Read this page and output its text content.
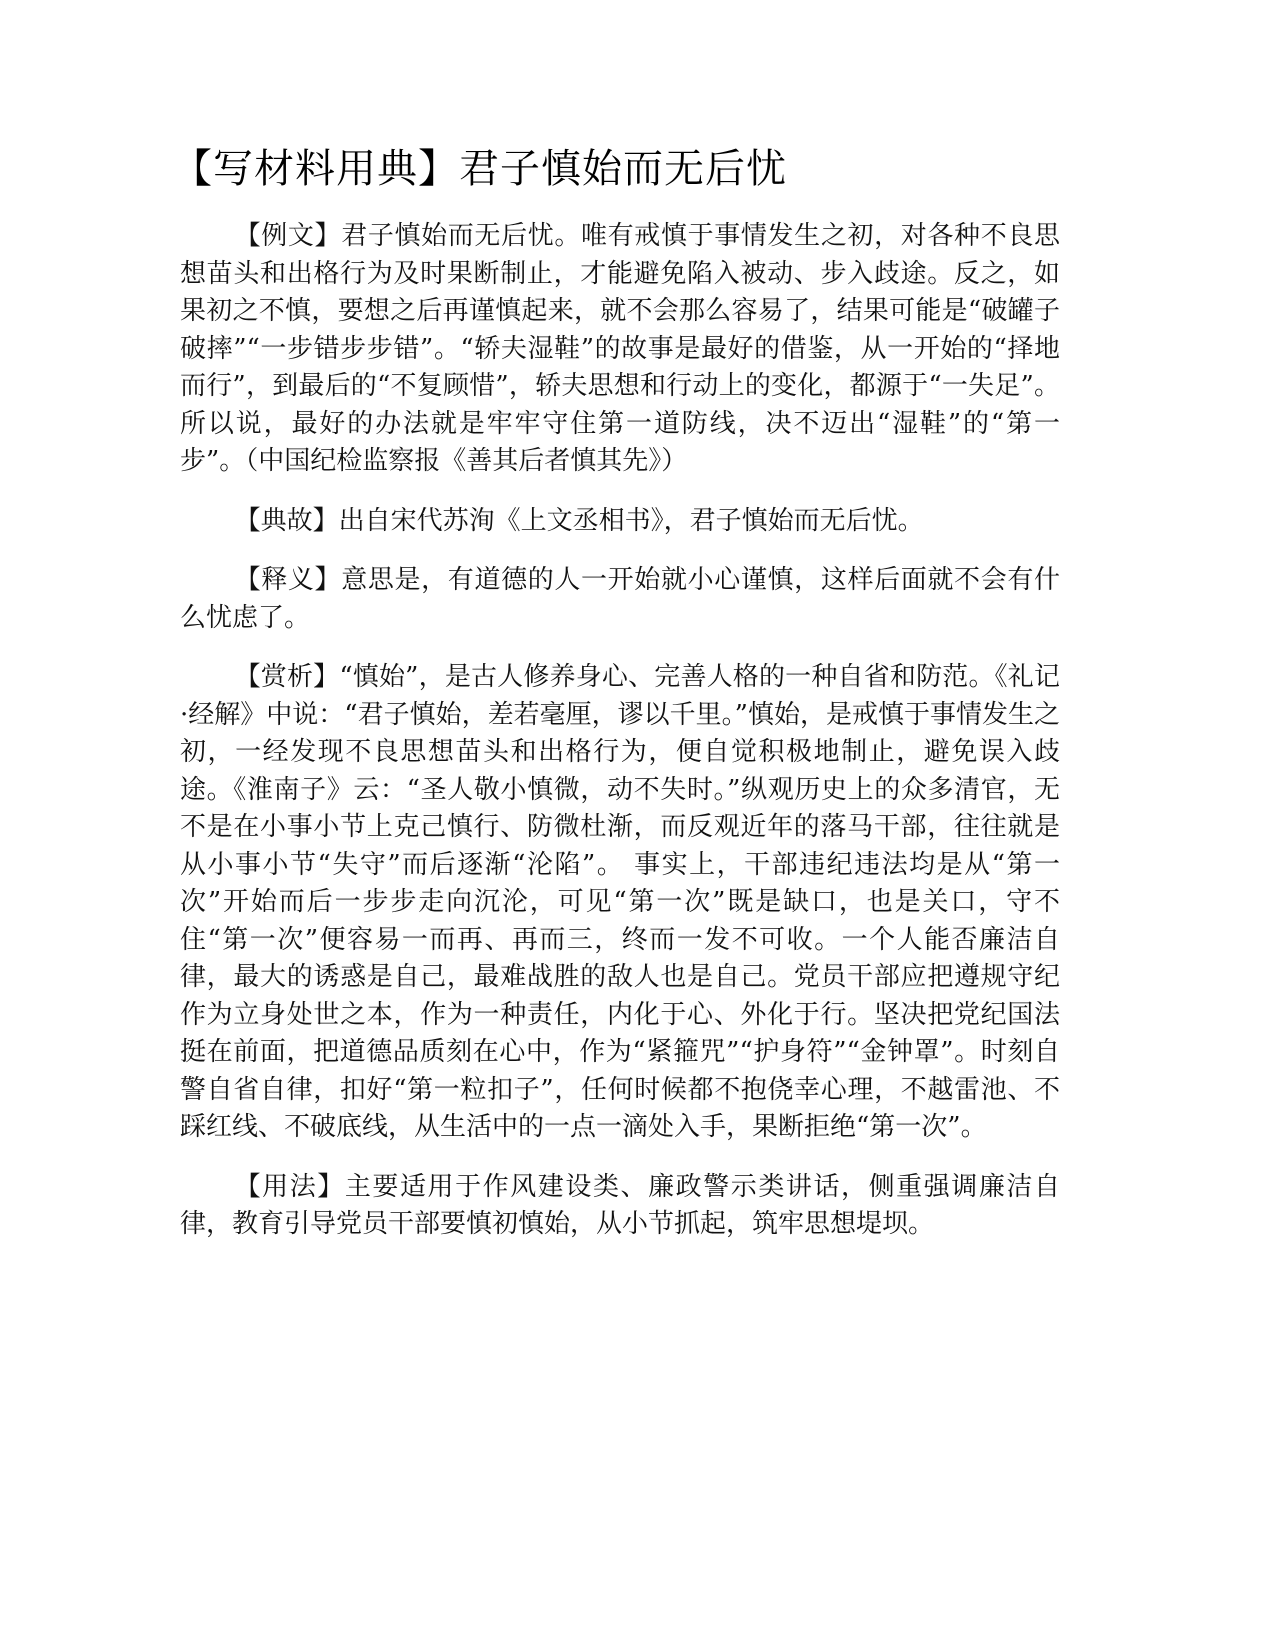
【写材料用典】君子慎始而无后忧

【例文】君子慎始而无后忧。唯有戒慎于事情发生之初，对各种不良思想苗头和出格行为及时果断制止，才能避免陷入被动、步入歧途。反之，如果初之不慎，要想之后再谨慎起来，就不会那么容易了，结果可能是“破罐子破摔”“一步错步步错”。“轿夫湿鞋”的故事是最好的借鉴，从一开始的“择地而行”，到最后的“不复顾惜”，轿夫思想和行动上的变化，都源于“一失足”。所以说，最好的办法就是牢牢守住第一道防线，决不迈出“湿鞋”的“第一步”。（中国纪检监察报《善其后者慎其先》）

【典故】出自宋代苏洵《上文丞相书》，君子慎始而无后忧。

【释义】意思是，有道德的人一开始就小心谨慎，这样后面就不会有什么忧虑了。

【赏析】“慎始”，是古人修养身心、完善人格的一种自省和防范。《礼记·经解》中说：“君子慎始，差若毫厘，谬以千里。”慎始，是戒慎于事情发生之初，一经发现不良思想苗头和出格行为，便自觉积极地制止，避免误入歧途。《淮南子》云：“圣人敬小慎微，动不失时。”纵观历史上的众多清官，无不是在小事小节上克己慎行、防微杜渐，而反观近年的落马干部，往往就是从小事小节“失守”而后逐渐“沦陷”。 事实上，干部违纪违法均是从“第一次”开始而后一步步走向沉沦，可见“第一次”既是缺口，也是关口，守不住“第一次”便容易一而再、再而三，终而一发不可收。一个人能否廉洁自律，最大的诱惑是自己，最难战胜的敌人也是自己。党员干部应把遵规守纪作为立身处世之本，作为一种责任，内化于心、外化于行。坚决把党纪国法挺在前面，把道德品质刻在心中，作为“紧箍咒”“护身符”“金钟罩”。时刻自警自省自律，扣好“第一粒扣子”，任何时候都不抱侥幸心理，不越雷池、不踩红线、不破底线，从生活中的一点一滴处入手，果断拒绝“第一次”。

【用法】主要适用于作风建设类、廉政警示类讲话，侧重强调廉洁自律，教育引导党员干部要慎初慎始，从小节抓起，筑牢思想堤坝。
